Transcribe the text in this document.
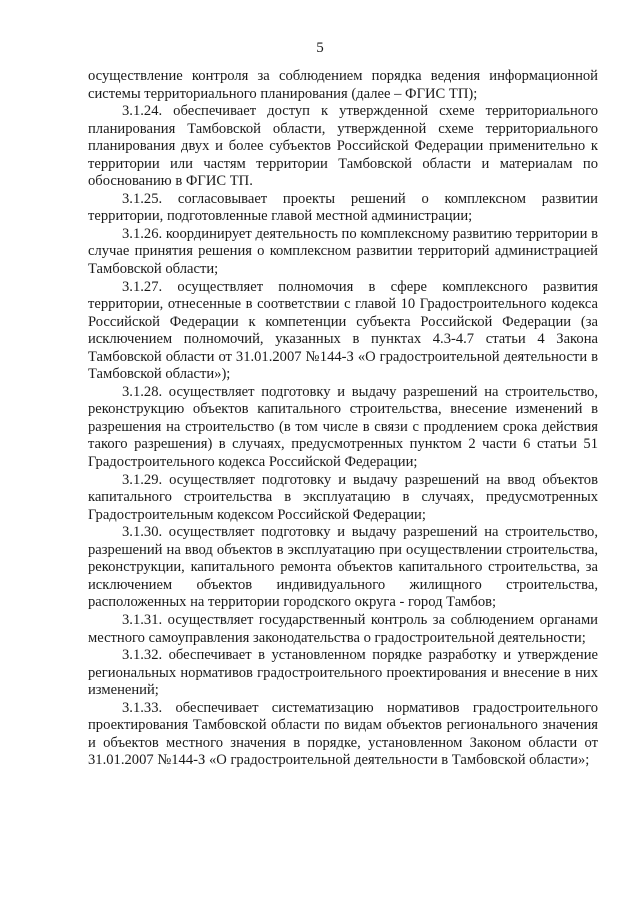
5

осуществление контроля за соблюдением порядка ведения информационной системы территориального планирования (далее – ФГИС ТП);

3.1.24. обеспечивает доступ к утвержденной схеме территориального планирования Тамбовской области, утвержденной схеме территориального планирования двух и более субъектов Российской Федерации применительно к территории или частям территории Тамбовской области и материалам по обоснованию в ФГИС ТП.

3.1.25. согласовывает проекты решений о комплексном развитии территории, подготовленные главой местной администрации;

3.1.26. координирует деятельность по комплексному развитию территории в случае принятия решения о комплексном развитии территорий администрацией Тамбовской области;

3.1.27. осуществляет полномочия в сфере комплексного развития территории, отнесенные в соответствии с главой 10 Градостроительного кодекса Российской Федерации к компетенции субъекта Российской Федерации (за исключением полномочий, указанных в пунктах 4.3-4.7 статьи 4 Закона Тамбовской области от 31.01.2007 №144-З «О градостроительной деятельности в Тамбовской области»);

3.1.28. осуществляет подготовку и выдачу разрешений на строительство, реконструкцию объектов капитального строительства, внесение изменений в разрешения на строительство (в том числе в связи с продлением срока действия такого разрешения) в случаях, предусмотренных пунктом 2 части 6 статьи 51 Градостроительного кодекса Российской Федерации;

3.1.29. осуществляет подготовку и выдачу разрешений на ввод объектов капитального строительства в эксплуатацию в случаях, предусмотренных Градостроительным кодексом Российской Федерации;

3.1.30. осуществляет подготовку и выдачу разрешений на строительство, разрешений на ввод объектов в эксплуатацию при осуществлении строительства, реконструкции, капитального ремонта объектов капитального строительства, за исключением объектов индивидуального жилищного строительства, расположенных на территории городского округа - город Тамбов;

3.1.31. осуществляет государственный контроль за соблюдением органами местного самоуправления законодательства о градостроительной деятельности;

3.1.32. обеспечивает в установленном порядке разработку и утверждение региональных нормативов градостроительного проектирования и внесение в них изменений;

3.1.33. обеспечивает систематизацию нормативов градостроительного проектирования Тамбовской области по видам объектов регионального значения и объектов местного значения в порядке, установленном Законом области от 31.01.2007 №144-З «О градостроительной деятельности в Тамбовской области»;
